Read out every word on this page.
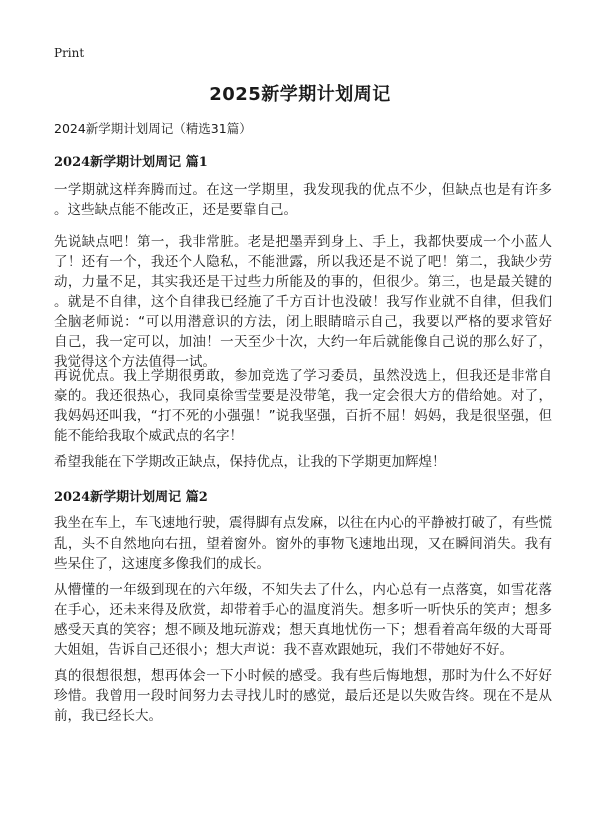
Print
2025新学期计划周记

2024新学期计划周记（精选31篇）

2024新学期计划周记 篇1
一学期就这样奔腾而过。在这一学期里，我发现我的优点不少，但缺点也是有许多
。这些缺点能不能改正，还是要靠自己。
先说缺点吧！第一，我非常脏。老是把墨弄到身上、手上，我都快要成一个小蓝人
了！还有一个，我还个人隐私，不能泄露，所以我还是不说了吧！第二，我缺少劳
动，力量不足，其实我还是干过些力所能及的事的，但很少。第三，也是最关键的
。就是不自律，这个自律我已经施了千方百计也没破！我写作业就不自律，但我们
全脑老师说：“可以用潜意识的方法，闭上眼睛暗示自己，我要以严格的要求管好
自己，我一定可以，加油！一天至少十次，大约一年后就能像自己说的那么好了，
我觉得这个方法值得一试。
再说优点。我上学期很勇敢，参加竞选了学习委员，虽然没选上，但我还是非常自
豪的。我还很热心，我同桌徐雪莹要是没带笔，我一定会很大方的借给她。对了，
我妈妈还叫我，“打不死的小强强！”说我坚强，百折不屈！妈妈，我是很坚强，但
能不能给我取个威武点的名字！
希望我能在下学期改正缺点，保持优点，让我的下学期更加辉煌！
2024新学期计划周记 篇2
我坐在车上，车飞速地行驶，震得脚有点发麻，以往在内心的平静被打破了，有些慌
乱，头不自然地向右扭，望着窗外。窗外的事物飞速地出现，又在瞬间消失。我有
些呆住了，这速度多像我们的成长。
从懵懂的一年级到现在的六年级，不知失去了什么，内心总有一点落寞，如雪花落
在手心，还未来得及欣赏，却带着手心的温度消失。想多听一听快乐的笑声；想多
感受天真的笑容；想不顾及地玩游戏；想天真地忧伤一下；想看着高年级的大哥哥
大姐姐，告诉自己还很小；想大声说：我不喜欢跟她玩，我们不带她好不好。
真的很想很想，想再体会一下小时候的感受。我有些后悔地想，那时为什么不好好
珍惜。我曾用一段时间努力去寻找儿时的感觉，最后还是以失败告终。现在不是从
前，我已经长大。
